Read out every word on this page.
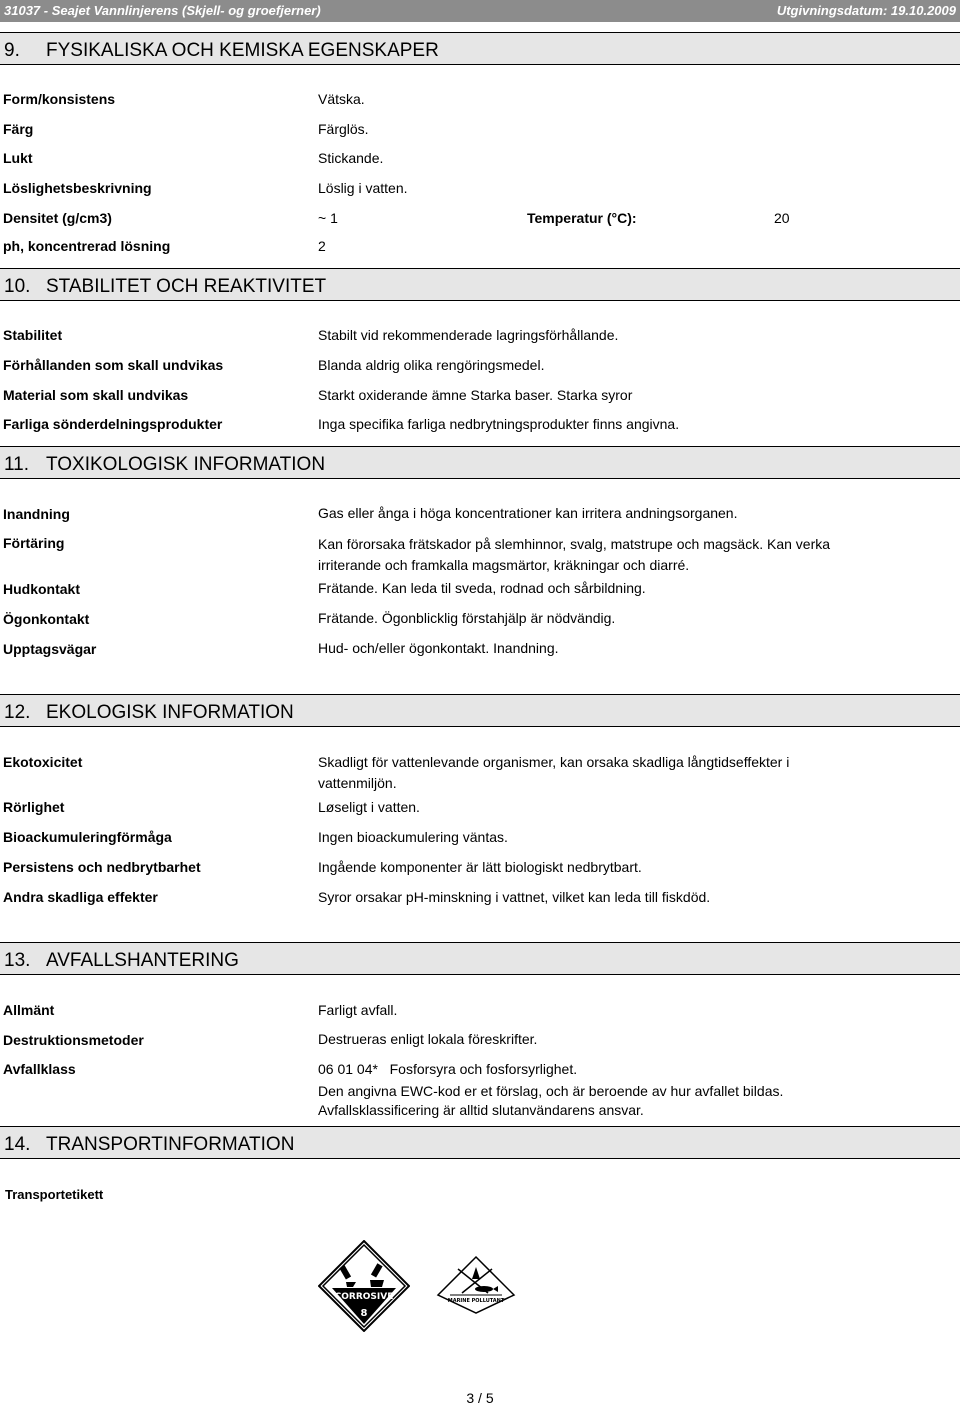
31037 - Seajet Vannlinjerens (Skjell- og groefjerner)	Utgivningsdatum: 19.10.2009
9. FYSIKALISKA OCH KEMISKA EGENSKAPER
Form/konsistens	Vätska.
Färg	Färglös.
Lukt	Stickande.
Löslighetsbeskrivning	Löslig i vatten.
Densitet (g/cm3)	~ 1	Temperatur (°C):	20
ph, koncentrerad lösning	2
10. STABILITET OCH REAKTIVITET
Stabilitet	Stabilt vid rekommenderade lagringsförhållande.
Förhållanden som skall undvikas	Blanda aldrig olika rengöringsmedel.
Material som skall undvikas	Starkt oxiderande ämne Starka baser. Starka syror
Farliga sönderdelningsprodukter	Inga specifika farliga nedbrytningsprodukter finns angivna.
11. TOXIKOLOGISK INFORMATION
Inandning	Gas eller ånga i höga koncentrationer kan irritera andningsorganen.
Förtäring	Kan förorsaka frätskador på slemhinnor, svalg, matstrupe och magsäck. Kan verka
irriterande och framkalla magsmärtor, kräkningar och diarré.
Hudkontakt	Frätande. Kan leda til sveda, rodnad och sårbildning.
Ögonkontakt	Frätande. Ögonblicklig förstahjälp är nödvändig.
Upptagsvägar	Hud- och/eller ögonkontakt. Inandning.
12. EKOLOGISK INFORMATION
Ekotoxicitet	Skadligt för vattenlevande organismer, kan orsaka skadliga långtidseffekter i
vattenmiljön.
Rörlighet	Løseligt i vatten.
Bioackumuleringförmåga	Ingen bioackumulering väntas.
Persistens och nedbrytbarhet	Ingående komponenter är lätt biologiskt nedbrytbart.
Andra skadliga effekter	Syror orsakar pH-minskning i vattnet, vilket kan leda till fiskdöd.
13. AVFALLSHANTERING
Allmänt	Farligt avfall.
Destruktionsmetoder	Destrueras enligt lokala föreskrifter.
Avfallklass	06 01 04*   Fosforsyra och fosforsyrlighet.
Den angivna EWC-kod er et förslag, och är beroende av hur avfallet bildas.
Avfallsklassificering är alltid slutanvändarens ansvar.
14. TRANSPORTINFORMATION
Transportetikett
CORROSIVE
8
MARINE POLLUTANT
3 / 5
